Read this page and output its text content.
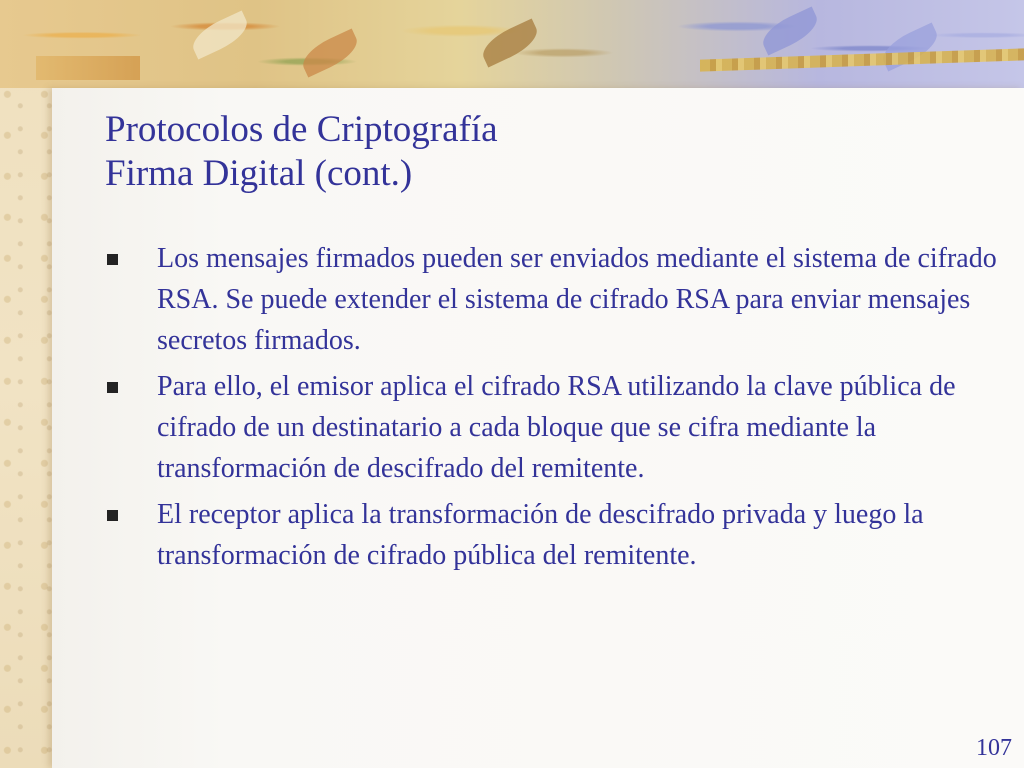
Protocolos de Criptografía
Firma Digital (cont.)
Los mensajes firmados pueden ser enviados mediante el sistema de cifrado RSA. Se puede extender el sistema de cifrado RSA para enviar mensajes secretos firmados.
Para ello, el emisor aplica el cifrado RSA utilizando la clave pública de cifrado de un destinatario a cada bloque que se cifra mediante la transformación de descifrado del remitente.
El receptor aplica la transformación de descifrado privada y luego la transformación de cifrado pública del remitente.
107
